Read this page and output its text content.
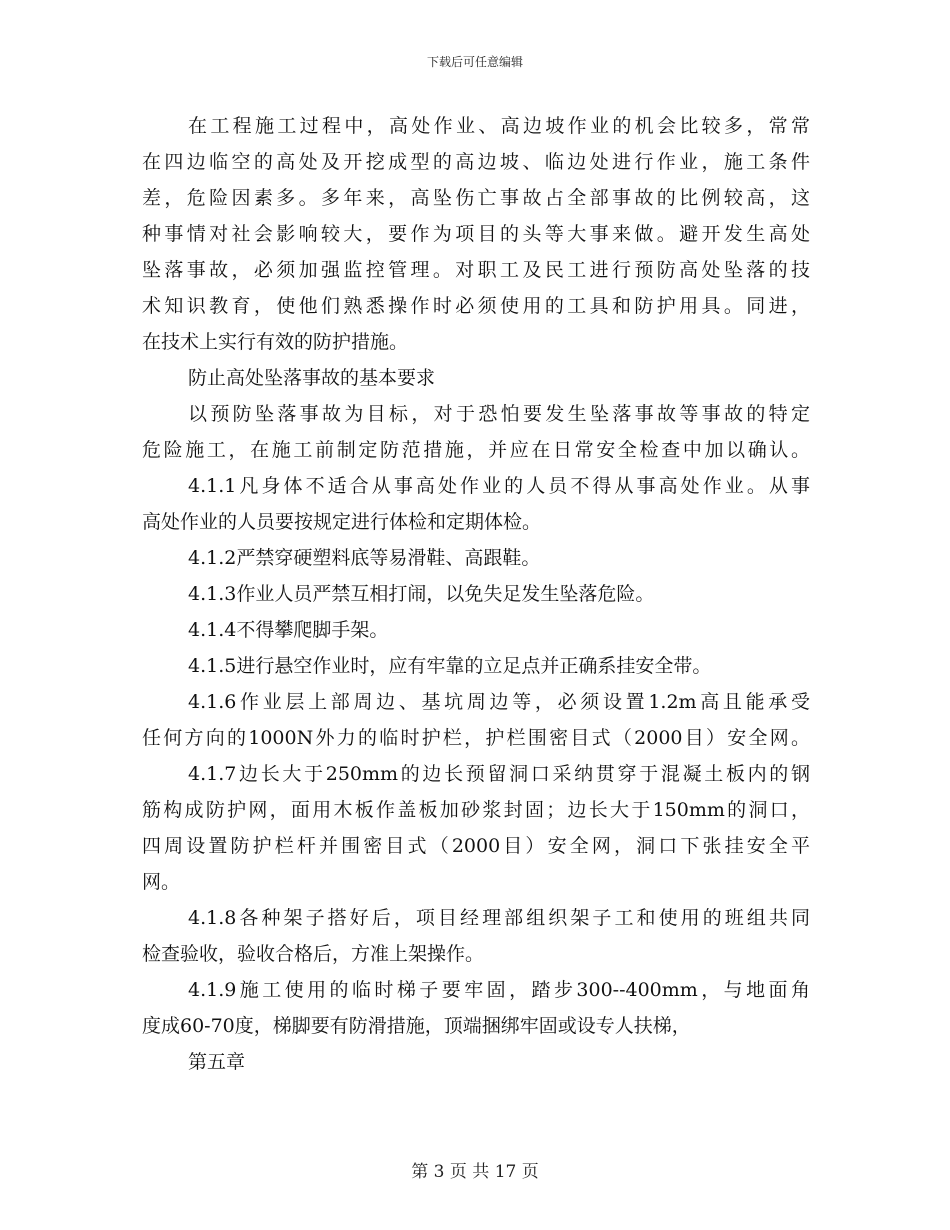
下载后可任意编辑
在工程施工过程中，高处作业、高边坡作业的机会比较多，常常
在四边临空的高处及开挖成型的高边坡、临边处进行作业，施工条件
差，危险因素多。多年来，高坠伤亡事故占全部事故的比例较高，这
种事情对社会影响较大，要作为项目的头等大事来做。避开发生高处
坠落事故，必须加强监控管理。对职工及民工进行预防高处坠落的技
术知识教育，使他们熟悉操作时必须使用的工具和防护用具。同进，
在技术上实行有效的防护措施。
防止高处坠落事故的基本要求
以预防坠落事故为目标，对于恐怕要发生坠落事故等事故的特定
危险施工，在施工前制定防范措施，并应在日常安全检查中加以确认。
4.1.1凡身体不适合从事高处作业的人员不得从事高处作业。从事
高处作业的人员要按规定进行体检和定期体检。
4.1.2严禁穿硬塑料底等易滑鞋、高跟鞋。
4.1.3作业人员严禁互相打闹，以免失足发生坠落危险。
4.1.4不得攀爬脚手架。
4.1.5进行悬空作业时，应有牢靠的立足点并正确系挂安全带。
4.1.6作业层上部周边、基坑周边等，必须设置1.2m高且能承受
任何方向的1000N外力的临时护栏，护栏围密目式（2000目）安全网。
4.1.7边长大于250mm的边长预留洞口采纳贯穿于混凝土板内的钢
筋构成防护网，面用木板作盖板加砂浆封固；边长大于150mm的洞口，
四周设置防护栏杆并围密目式（2000目）安全网，洞口下张挂安全平
网。
4.1.8各种架子搭好后，项目经理部组织架子工和使用的班组共同
检查验收，验收合格后，方准上架操作。
4.1.9施工使用的临时梯子要牢固，踏步300--400mm，与地面角
度成60-70度，梯脚要有防滑措施，顶端捆绑牢固或设专人扶梯，
第五章
第 3 页 共 17 页
